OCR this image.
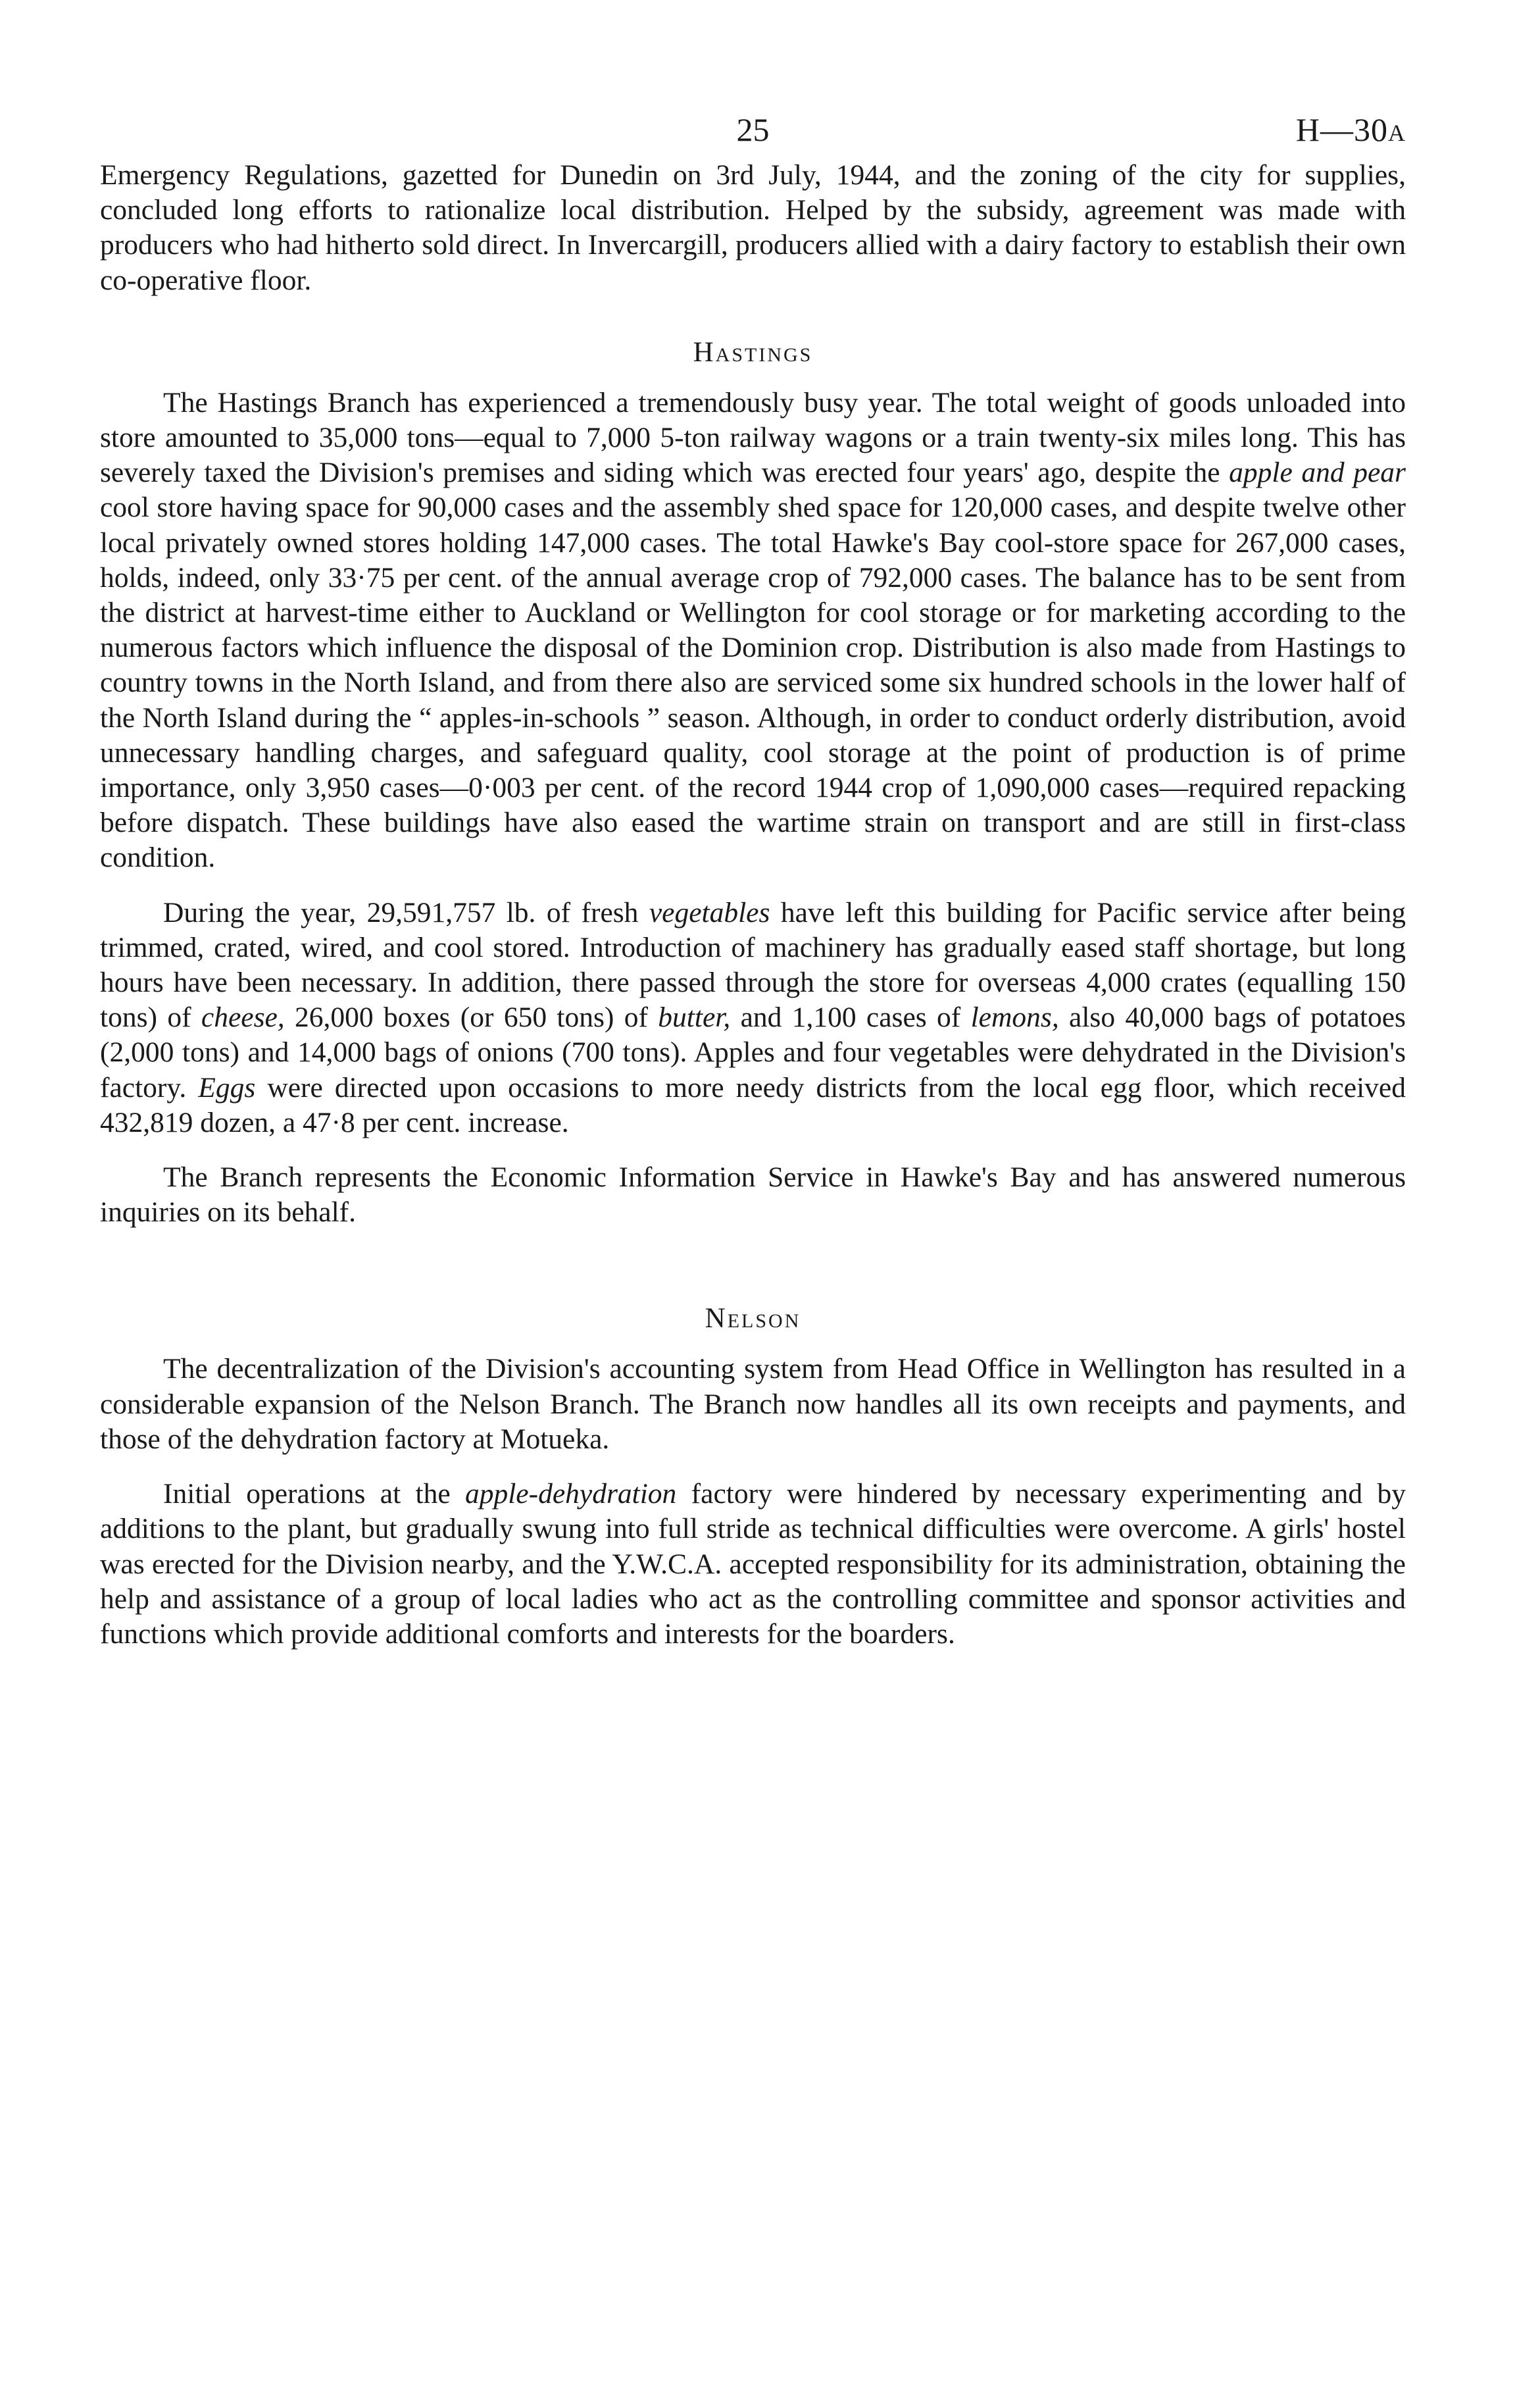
25	H—30A

Emergency Regulations, gazetted for Dunedin on 3rd July, 1944, and the zoning of the city for supplies, concluded long efforts to rationalize local distribution. Helped by the subsidy, agreement was made with producers who had hitherto sold direct. In Invercargill, producers allied with a dairy factory to establish their own co-operative floor.

Hastings

The Hastings Branch has experienced a tremendously busy year. The total weight of goods unloaded into store amounted to 35,000 tons—equal to 7,000 5-ton railway wagons or a train twenty-six miles long. This has severely taxed the Division's premises and siding which was erected four years' ago, despite the apple and pear cool store having space for 90,000 cases and the assembly shed space for 120,000 cases, and despite twelve other local privately owned stores holding 147,000 cases. The total Hawke's Bay cool-store space for 267,000 cases, holds, indeed, only 33·75 per cent. of the annual average crop of 792,000 cases. The balance has to be sent from the district at harvest-time either to Auckland or Wellington for cool storage or for marketing according to the numerous factors which influence the disposal of the Dominion crop. Distribution is also made from Hastings to country towns in the North Island, and from there also are serviced some six hundred schools in the lower half of the North Island during the “ apples-in-schools ” season. Although, in order to conduct orderly distribution, avoid unnecessary handling charges, and safeguard quality, cool storage at the point of production is of prime importance, only 3,950 cases—0·003 per cent. of the record 1944 crop of 1,090,000 cases—required repacking before dispatch. These buildings have also eased the wartime strain on transport and are still in first-class condition.

During the year, 29,591,757 lb. of fresh vegetables have left this building for Pacific service after being trimmed, crated, wired, and cool stored. Introduction of machinery has gradually eased staff shortage, but long hours have been necessary. In addition, there passed through the store for overseas 4,000 crates (equalling 150 tons) of cheese, 26,000 boxes (or 650 tons) of butter, and 1,100 cases of lemons, also 40,000 bags of potatoes (2,000 tons) and 14,000 bags of onions (700 tons). Apples and four vegetables were dehydrated in the Division's factory. Eggs were directed upon occasions to more needy districts from the local egg floor, which received 432,819 dozen, a 47·8 per cent. increase.

The Branch represents the Economic Information Service in Hawke's Bay and has answered numerous inquiries on its behalf.

Nelson

The decentralization of the Division's accounting system from Head Office in Wellington has resulted in a considerable expansion of the Nelson Branch. The Branch now handles all its own receipts and payments, and those of the dehydration factory at Motueka.

Initial operations at the apple-dehydration factory were hindered by necessary experimenting and by additions to the plant, but gradually swung into full stride as technical difficulties were overcome. A girls' hostel was erected for the Division nearby, and the Y.W.C.A. accepted responsibility for its administration, obtaining the help and assistance of a group of local ladies who act as the controlling committee and sponsor activities and functions which provide additional comforts and interests for the boarders.
